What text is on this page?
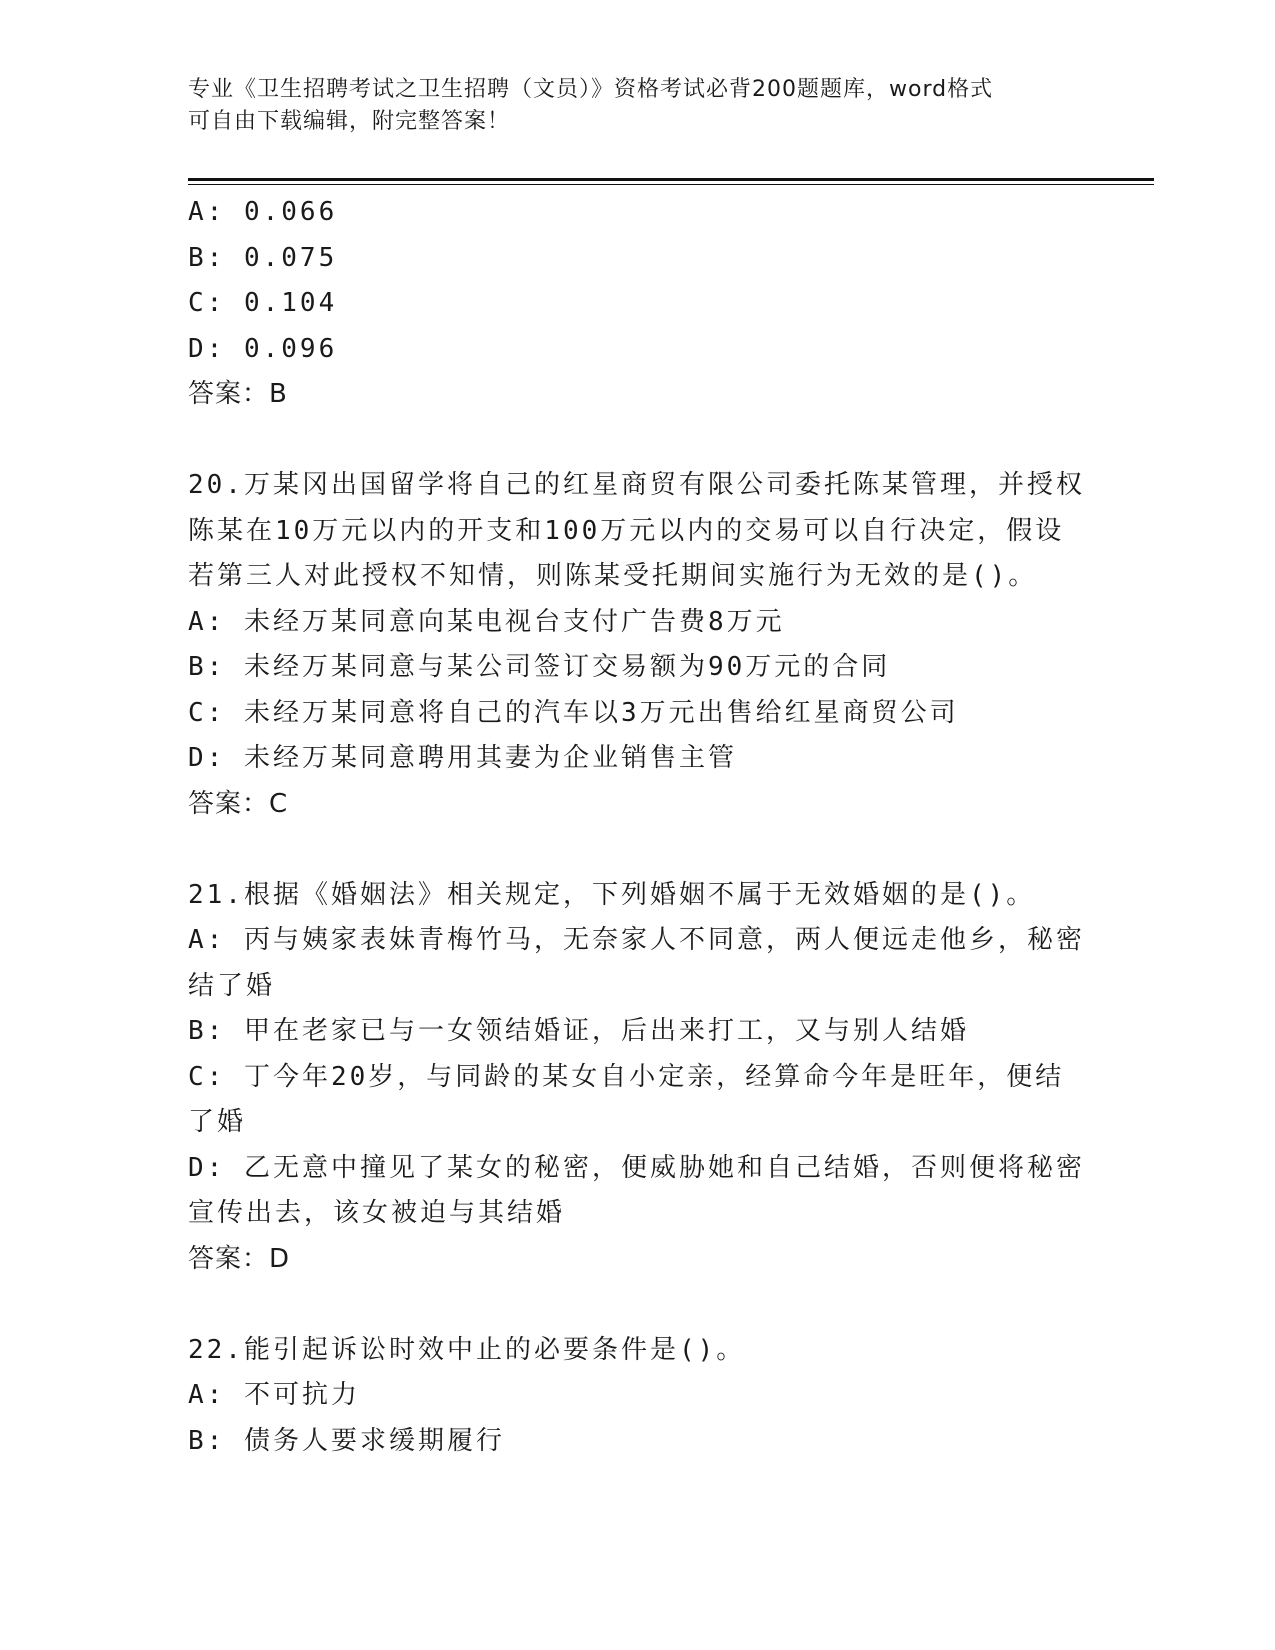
专业《卫生招聘考试之卫生招聘（文员）》资格考试必背200题题库，word格式
可自由下载编辑，附完整答案！
A: 0.066
B: 0.075
C: 0.104
D: 0.096
答案：B
20.万某冈出国留学将自己的红星商贸有限公司委托陈某管理，并授权
陈某在10万元以内的开支和100万元以内的交易可以自行决定，假设
若第三人对此授权不知情，则陈某受托期间实施行为无效的是()。
A: 未经万某同意向某电视台支付广告费8万元
B: 未经万某同意与某公司签订交易额为90万元的合同
C: 未经万某同意将自己的汽车以3万元出售给红星商贸公司
D: 未经万某同意聘用其妻为企业销售主管
答案：C
21.根据《婚姻法》相关规定，下列婚姻不属于无效婚姻的是()。
A: 丙与姨家表妹青梅竹马，无奈家人不同意，两人便远走他乡，秘密
结了婚
B: 甲在老家已与一女领结婚证，后出来打工，又与别人结婚
C: 丁今年20岁，与同龄的某女自小定亲，经算命今年是旺年，便结
了婚
D: 乙无意中撞见了某女的秘密，便威胁她和自己结婚，否则便将秘密
宣传出去，该女被迫与其结婚
答案：D
22.能引起诉讼时效中止的必要条件是()。
A: 不可抗力
B: 债务人要求缓期履行
